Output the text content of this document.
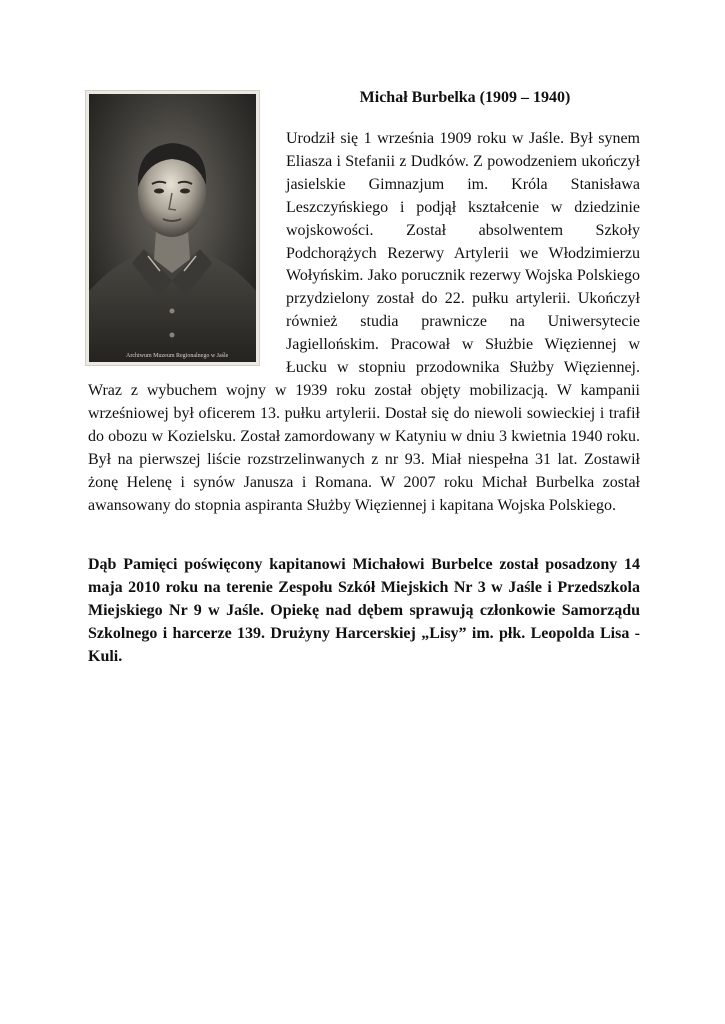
Archiwum Muzeum Regionalnego w Jaśle
Michał Burbelka (1909 – 1940)

Urodził się 1 września 1909 roku w Jaśle. Był synem Eliasza i Stefanii z Dudków. Z powodzeniem ukończył jasielskie Gimnazjum im. Króla Stanisława Leszczyńskiego i podjął kształcenie w dziedzinie wojskowości. Został absolwentem Szkoły Podchorążych Rezerwy Artylerii we Włodzimierzu Wołyńskim. Jako porucznik rezerwy Wojska Polskiego przydzielony został do 22. pułku artylerii. Ukończył również studia prawnicze na Uniwersytecie Jagiellońskim. Pracował w Służbie Więziennej w Łucku w stopniu przodownika Służby Więziennej. Wraz z wybuchem wojny w 1939 roku został objęty mobilizacją. W kampanii wrześniowej był oficerem 13. pułku artylerii. Dostał się do niewoli sowieckiej i trafił do obozu w Kozielsku. Został zamordowany w Katyniu w dniu 3 kwietnia 1940 roku. Był na pierwszej liście rozstrzelinwanych z nr 93. Miał niespełna 31 lat. Zostawił żonę Helenę i synów Janusza i Romana. W 2007 roku Michał Burbelka został awansowany do stopnia aspiranta Służby Więziennej i kapitana Wojska Polskiego.

Dąb Pamięci poświęcony kapitanowi Michałowi Burbelce został posadzony 14 maja 2010 roku na terenie Zespołu Szkół Miejskich Nr 3 w Jaśle i Przedszkola Miejskiego Nr 9 w Jaśle. Opiekę nad dębem sprawują członkowie Samorządu Szkolnego i harcerze 139. Drużyny Harcerskiej „Lisy” im. płk. Leopolda Lisa - Kuli.
